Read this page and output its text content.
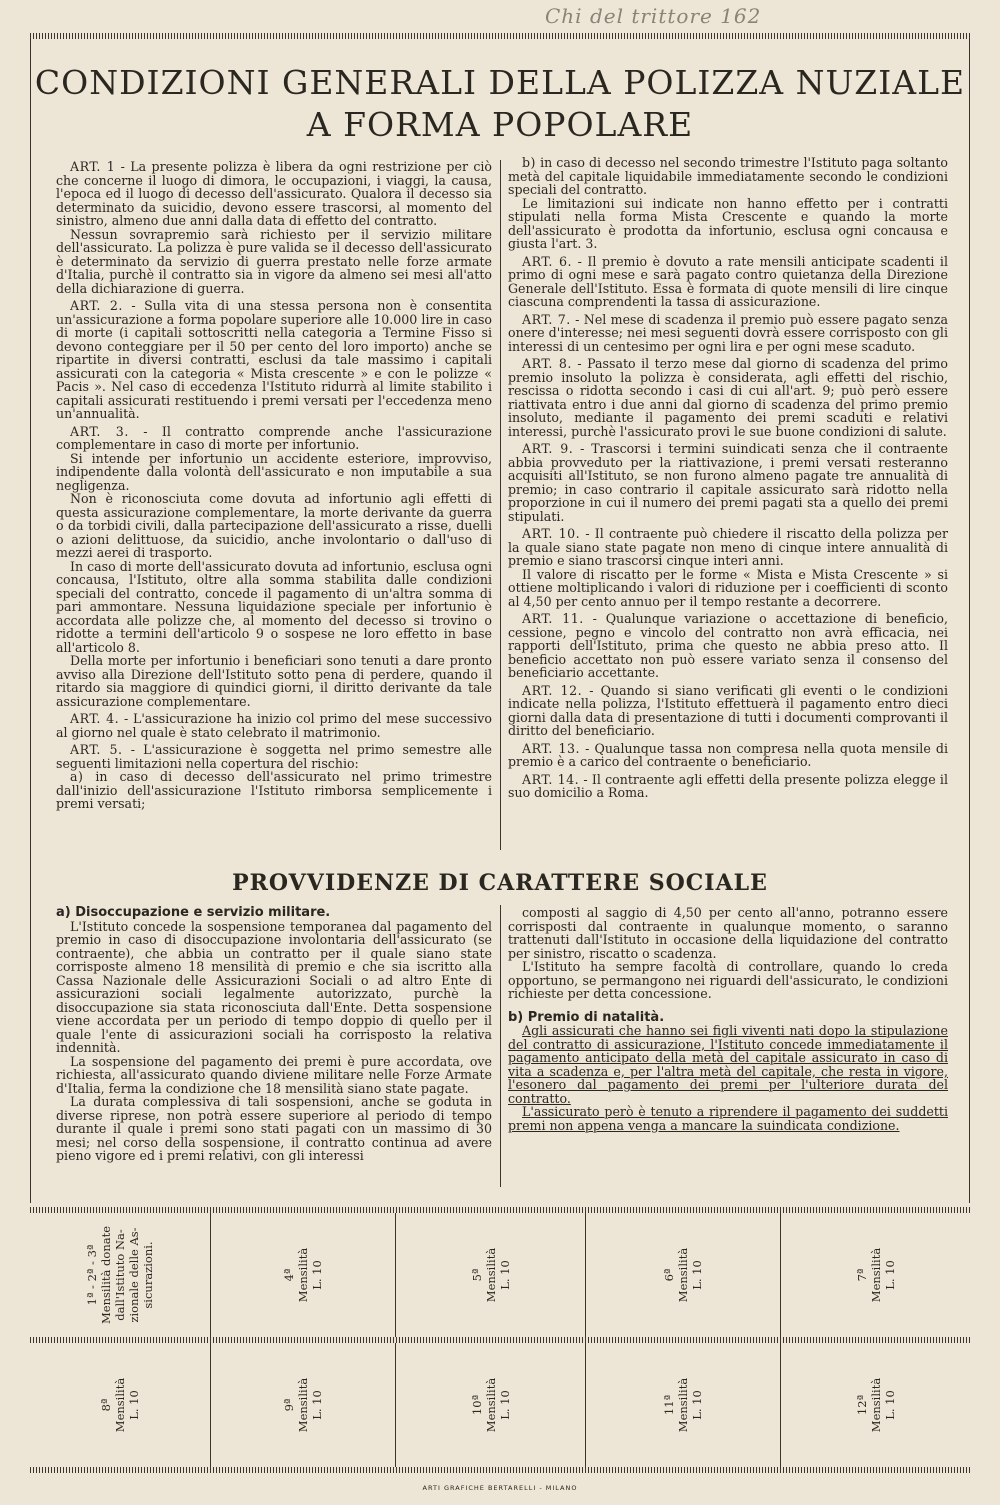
Chi del trittore 162
CONDIZIONI GENERALI DELLA POLIZZA NUZIALE
A FORMA POPOLARE

ART. 1 - La presente polizza è libera da ogni restrizione per ciò che concerne il luogo di dimora, le occupazioni, i viaggi, la causa, l'epoca ed il luogo di decesso dell'assicurato. Qualora il decesso sia determinato da suicidio, devono essere trascorsi, al momento del sinistro, almeno due anni dalla data di effetto del contratto.

Nessun sovrapremio sarà richiesto per il servizio militare dell'assicurato. La polizza è pure valida se il decesso dell'assicurato è determinato da servizio di guerra prestato nelle forze armate d'Italia, purchè il contratto sia in vigore da almeno sei mesi all'atto della dichiarazione di guerra.

ART. 2. - Sulla vita di una stessa persona non è consentita un'assicurazione a forma popolare superiore alle 10.000 lire in caso di morte (i capitali sottoscritti nella categoria a Termine Fisso si devono conteggiare per il 50 per cento del loro importo) anche se ripartite in diversi contratti, esclusi da tale massimo i capitali assicurati con la categoria « Mista crescente » e con le polizze « Pacis ». Nel caso di eccedenza l'Istituto ridurrà al limite stabilito i capitali assicurati restituendo i premi versati per l'eccedenza meno un'annualità.

ART. 3. - Il contratto comprende anche l'assicurazione complementare in caso di morte per infortunio.

Si intende per infortunio un accidente esteriore, improvviso, indipendente dalla volontà dell'assicurato e non imputabile a sua negligenza.

Non è riconosciuta come dovuta ad infortunio agli effetti di questa assicurazione complementare, la morte derivante da guerra o da torbidi civili, dalla partecipazione dell'assicurato a risse, duelli o azioni delittuose, da suicidio, anche involontario o dall'uso di mezzi aerei di trasporto.

In caso di morte dell'assicurato dovuta ad infortunio, esclusa ogni concausa, l'Istituto, oltre alla somma stabilita dalle condizioni speciali del contratto, concede il pagamento di un'altra somma di pari ammontare. Nessuna liquidazione speciale per infortunio è accordata alle polizze che, al momento del decesso si trovino o ridotte a termini dell'articolo 9 o sospese ne loro effetto in base all'articolo 8.

Della morte per infortunio i beneficiari sono tenuti a dare pronto avviso alla Direzione dell'Istituto sotto pena di perdere, quando il ritardo sia maggiore di quindici giorni, il diritto derivante da tale assicurazione complementare.

ART. 4. - L'assicurazione ha inizio col primo del mese successivo al giorno nel quale è stato celebrato il matrimonio.

ART. 5. - L'assicurazione è soggetta nel primo semestre alle seguenti limitazioni nella copertura del rischio:

a) in caso di decesso dell'assicurato nel primo trimestre dall'inizio dell'assicurazione l'Istituto rimborsa semplicemente i premi versati;

b) in caso di decesso nel secondo trimestre l'Istituto paga soltanto metà del capitale liquidabile immediatamente secondo le condizioni speciali del contratto.

Le limitazioni sui indicate non hanno effetto per i contratti stipulati nella forma Mista Crescente e quando la morte dell'assicurato è prodotta da infortunio, esclusa ogni concausa e giusta l'art. 3.

ART. 6. - Il premio è dovuto a rate mensili anticipate scadenti il primo di ogni mese e sarà pagato contro quietanza della Direzione Generale dell'Istituto. Essa è formata di quote mensili di lire cinque ciascuna comprendenti la tassa di assicurazione.

ART. 7. - Nel mese di scadenza il premio può essere pagato senza onere d'interesse; nei mesi seguenti dovrà essere corrisposto con gli interessi di un centesimo per ogni lira e per ogni mese scaduto.

ART. 8. - Passato il terzo mese dal giorno di scadenza del primo premio insoluto la polizza è considerata, agli effetti del rischio, rescissa o ridotta secondo i casi di cui all'art. 9; può però essere riattivata entro i due anni dal giorno di scadenza del primo premio insoluto, mediante il pagamento dei premi scaduti e relativi interessi, purchè l'assicurato provi le sue buone condizioni di salute.

ART. 9. - Trascorsi i termini suindicati senza che il contraente abbia provveduto per la riattivazione, i premi versati resteranno acquisiti all'Istituto, se non furono almeno pagate tre annualità di premio; in caso contrario il capitale assicurato sarà ridotto nella proporzione in cui il numero dei premi pagati sta a quello dei premi stipulati.

ART. 10. - Il contraente può chiedere il riscatto della polizza per la quale siano state pagate non meno di cinque intere annualità di premio e siano trascorsi cinque interi anni.

Il valore di riscatto per le forme « Mista e Mista Crescente » si ottiene moltiplicando i valori di riduzione per i coefficienti di sconto al 4,50 per cento annuo per il tempo restante a decorrere.

ART. 11. - Qualunque variazione o accettazione di beneficio, cessione, pegno e vincolo del contratto non avrà efficacia, nei rapporti dell'Istituto, prima che questo ne abbia preso atto. Il beneficio accettato non può essere variato senza il consenso del beneficiario accettante.

ART. 12. - Quando si siano verificati gli eventi o le condizioni indicate nella polizza, l'Istituto effettuerà il pagamento entro dieci giorni dalla data di presentazione di tutti i documenti comprovanti il diritto del beneficiario.

ART. 13. - Qualunque tassa non compresa nella quota mensile di premio è a carico del contraente o beneficiario.

ART. 14. - Il contraente agli effetti della presente polizza elegge il suo domicilio a Roma.

PROVVIDENZE DI CARATTERE SOCIALE

a) Disoccupazione e servizio militare.

L'Istituto concede la sospensione temporanea dal pagamento del premio in caso di disoccupazione involontaria dell'assicurato (se contraente), che abbia un contratto per il quale siano state corrisposte almeno 18 mensilità di premio e che sia iscritto alla Cassa Nazionale delle Assicurazioni Sociali o ad altro Ente di assicurazioni sociali legalmente autorizzato, purchè la disoccupazione sia stata riconosciuta dall'Ente. Detta sospensione viene accordata per un periodo di tempo doppio di quello per il quale l'ente di assicurazioni sociali ha corrisposto la relativa indennità.

La sospensione del pagamento dei premi è pure accordata, ove richiesta, all'assicurato quando diviene militare nelle Forze Armate d'Italia, ferma la condizione che 18 mensilità siano state pagate.

La durata complessiva di tali sospensioni, anche se goduta in diverse riprese, non potrà essere superiore al periodo di tempo durante il quale i premi sono stati pagati con un massimo di 30 mesi; nel corso della sospensione, il contratto continua ad avere pieno vigore ed i premi relativi, con gli interessi

composti al saggio di 4,50 per cento all'anno, potranno essere corrisposti dal contraente in qualunque momento, o saranno trattenuti dall'Istituto in occasione della liquidazione del contratto per sinistro, riscatto o scadenza.

L'Istituto ha sempre facoltà di controllare, quando lo creda opportuno, se permangono nei riguardi dell'assicurato, le condizioni richieste per detta concessione.

b) Premio di natalità.

Agli assicurati che hanno sei figli viventi nati dopo la stipulazione del contratto di assicurazione, l'Istituto concede immediatamente il pagamento anticipato della metà del capitale assicurato in caso di vita a scadenza e, per l'altra metà del capitale, che resta in vigore, l'esonero dal pagamento dei premi per l'ulteriore durata del contratto.

L'assicurato però è tenuto a riprendere il pagamento dei suddetti premi non appena venga a mancare la suindicata condizione.

1ª - 2ª - 3ª Mensilità donate dall'Istituto Na- zionale delle As- sicurazioni.	4ª Mensilità L. 10	5ª Mensilità L. 10	6ª Mensilità L. 10	7ª Mensilità L. 10
8ª Mensilità L. 10	9ª Mensilità L. 10	10ª Mensilità L. 10	11ª Mensilità L. 10	12ª Mensilità L. 10
ARTI GRAFICHE BERTARELLI - MILANO
